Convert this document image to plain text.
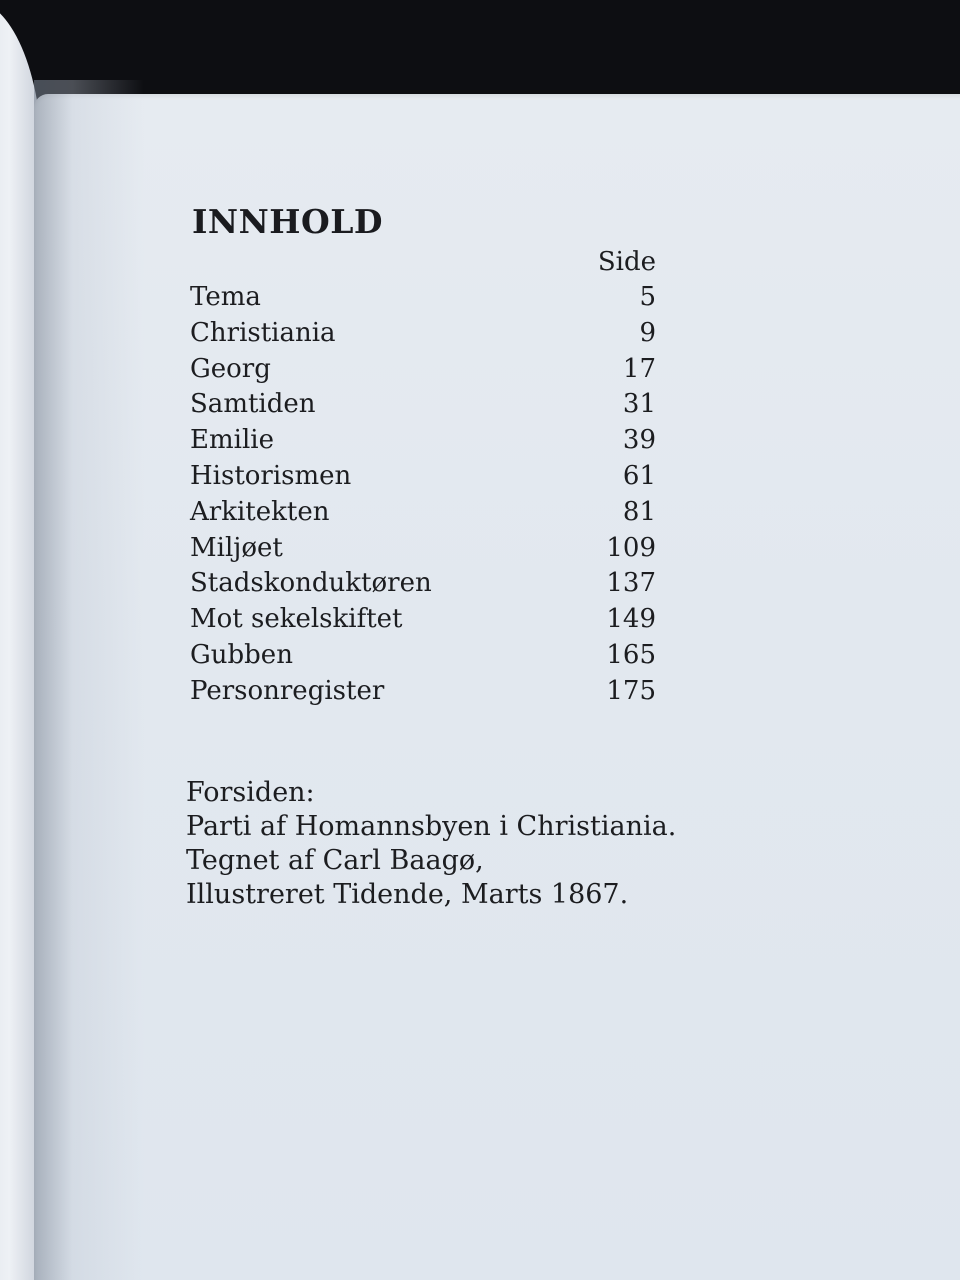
INNHOLD
Side
Tema	5
Christiania	9
Georg	17
Samtiden	31
Emilie	39
Historismen	61
Arkitekten	81
Miljøet	109
Stadskonduktøren	137
Mot sekelskiftet	149
Gubben	165
Personregister	175
Forsiden:
Parti af Homannsbyen i Christiania.
Tegnet af Carl Baagø,
Illustreret Tidende, Marts 1867.
